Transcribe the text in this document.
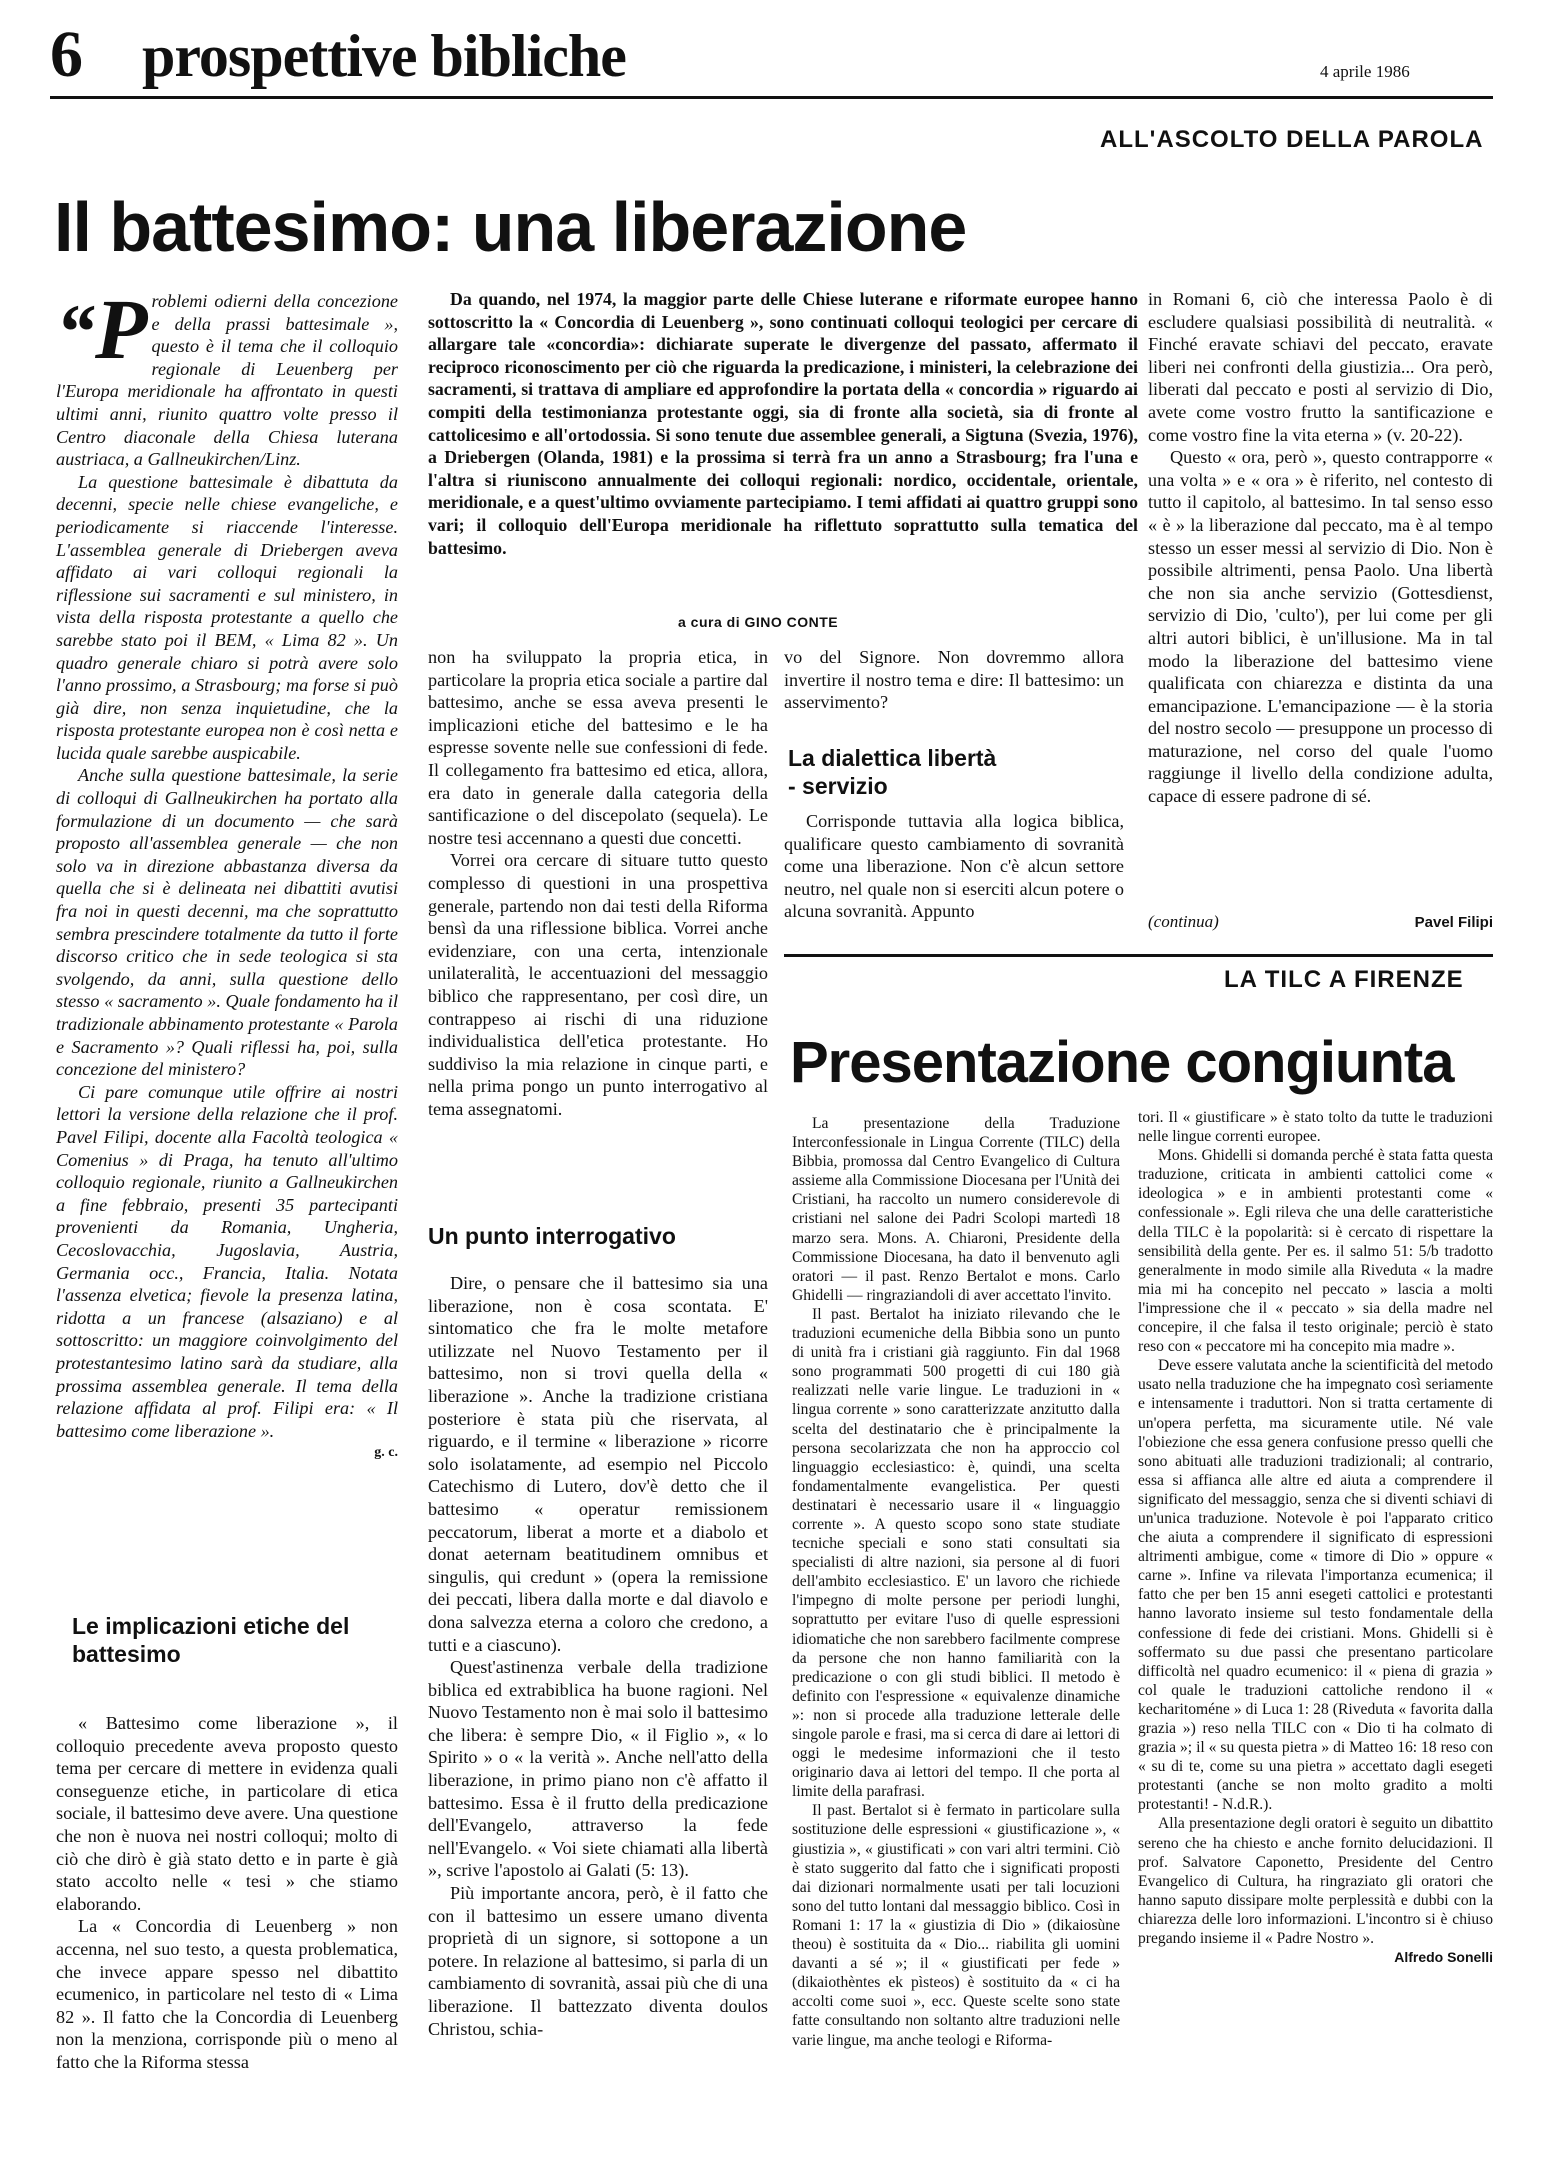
6 prospettive bibliche	4 aprile 1986
ALL'ASCOLTO DELLA PAROLA
Il battesimo: una liberazione
“P roblemi odierni della concezione e della prassi battesimale », questo è il tema che il colloquio regionale di Leuenberg per l'Europa meridionale ha affrontato in questi ultimi anni, riunito quattro volte presso il Centro diaconale della Chiesa luterana austriaca, a Gallneukirchen/Linz.

La questione battesimale è dibattuta da decenni, specie nelle chiese evangeliche, e periodicamente si riaccende l'interesse. L'assemblea generale di Driebergen aveva affidato ai vari colloqui regionali la riflessione sui sacramenti e sul ministero, in vista della risposta protestante a quello che sarebbe stato poi il BEM, « Lima 82 ». Un quadro generale chiaro si potrà avere solo l'anno prossimo, a Strasbourg; ma forse si può già dire, non senza inquietudine, che la risposta protestante europea non è così netta e lucida quale sarebbe auspicabile.

Anche sulla questione battesimale, la serie di colloqui di Gallneukirchen ha portato alla formulazione di un documento — che sarà proposto all'assemblea generale — che non solo va in direzione abbastanza diversa da quella che si è delineata nei dibattiti avutisi fra noi in questi decenni, ma che soprattutto sembra prescindere totalmente da tutto il forte discorso critico che in sede teologica si sta svolgendo, da anni, sulla questione dello stesso « sacramento ». Quale fondamento ha il tradizionale abbinamento protestante « Parola e Sacramento »? Quali riflessi ha, poi, sulla concezione del ministero?

Ci pare comunque utile offrire ai nostri lettori la versione della relazione che il prof. Pavel Filipi, docente alla Facoltà teologica « Comenius » di Praga, ha tenuto all'ultimo colloquio regionale, riunito a Gallneukirchen a fine febbraio, presenti 35 partecipanti provenienti da Romania, Ungheria, Cecoslovacchia, Jugoslavia, Austria, Germania occ., Francia, Italia. Notata l'assenza elvetica; fievole la presenza latina, ridotta a un francese (alsaziano) e al sottoscritto: un maggiore coinvolgimento del protestantesimo latino sarà da studiare, alla prossima assemblea generale. Il tema della relazione affidata al prof. Filipi era: « Il battesimo come liberazione ».

g. c.

Da quando, nel 1974, la maggior parte delle Chiese luterane e riformate europee hanno sottoscritto la « Concordia di Leuenberg », sono continuati colloqui teologici per cercare di allargare tale «concordia»: dichiarate superate le divergenze del passato, affermato il reciproco riconoscimento per ciò che riguarda la predicazione, i ministeri, la celebrazione dei sacramenti, si trattava di ampliare ed approfondire la portata della « concordia » riguardo ai compiti della testimonianza protestante oggi, sia di fronte alla società, sia di fronte al cattolicesimo e all'ortodossia. Si sono tenute due assemblee generali, a Sigtuna (Svezia, 1976), a Driebergen (Olanda, 1981) e la prossima si terrà fra un anno a Strasbourg; fra l'una e l'altra si riuniscono annualmente dei colloqui regionali: nordico, occidentale, orientale, meridionale, e a quest'ultimo ovviamente partecipiamo. I temi affidati ai quattro gruppi sono vari; il colloquio dell'Europa meridionale ha riflettuto soprattutto sulla tematica del battesimo.

a cura di GINO CONTE
Le implicazioni etiche del battesimo

« Battesimo come liberazione », il colloquio precedente aveva proposto questo tema per cercare di mettere in evidenza quali conseguenze etiche, in particolare di etica sociale, il battesimo deve avere. Una questione che non è nuova nei nostri colloqui; molto di ciò che dirò è già stato detto e in parte è già stato accolto nelle « tesi » che stiamo elaborando.

La « Concordia di Leuenberg » non accenna, nel suo testo, a questa problematica, che invece appare spesso nel dibattito ecumenico, in particolare nel testo di « Lima 82 ». Il fatto che la Concordia di Leuenberg non la menziona, corrisponde più o meno al fatto che la Riforma stessa

non ha sviluppato la propria etica, in particolare la propria etica sociale a partire dal battesimo, anche se essa aveva presenti le implicazioni etiche del battesimo e le ha espresse sovente nelle sue confessioni di fede. Il collegamento fra battesimo ed etica, allora, era dato in generale dalla categoria della santificazione o del discepolato (sequela). Le nostre tesi accennano a questi due concetti.

Vorrei ora cercare di situare tutto questo complesso di questioni in una prospettiva generale, partendo non dai testi della Riforma bensì da una riflessione biblica. Vorrei anche evidenziare, con una certa, intenzionale unilateralità, le accentuazioni del messaggio biblico che rappresentano, per così dire, un contrappeso ai rischi di una riduzione individualistica dell'etica protestante. Ho suddiviso la mia relazione in cinque parti, e nella prima pongo un punto interrogativo al tema assegnatomi.

Un punto interrogativo

Dire, o pensare che il battesimo sia una liberazione, non è cosa scontata. E' sintomatico che fra le molte metafore utilizzate nel Nuovo Testamento per il battesimo, non si trovi quella della « liberazione ». Anche la tradizione cristiana posteriore è stata più che riservata, al riguardo, e il termine « liberazione » ricorre solo isolatamente, ad esempio nel Piccolo Catechismo di Lutero, dov'è detto che il battesimo « operatur remissionem peccatorum, liberat a morte et a diabolo et donat aeternam beatitudinem omnibus et singulis, qui credunt » (opera la remissione dei peccati, libera dalla morte e dal diavolo e dona salvezza eterna a coloro che credono, a tutti e a ciascuno).

Quest'astinenza verbale della tradizione biblica ed extrabiblica ha buone ragioni. Nel Nuovo Testamento non è mai solo il battesimo che libera: è sempre Dio, « il Figlio », « lo Spirito » o « la verità ». Anche nell'atto della liberazione, in primo piano non c'è affatto il battesimo. Essa è il frutto della predicazione dell'Evangelo, attraverso la fede nell'Evangelo. « Voi siete chiamati alla libertà », scrive l'apostolo ai Galati (5: 13).

Più importante ancora, però, è il fatto che con il battesimo un essere umano diventa proprietà di un signore, si sottopone a un potere. In relazione al battesimo, si parla di un cambiamento di sovranità, assai più che di una liberazione. Il battezzato diventa doulos Christou, schia-

vo del Signore. Non dovremmo allora invertire il nostro tema e dire: Il battesimo: un asservimento?

La dialettica libertà - servizio

Corrisponde tuttavia alla logica biblica, qualificare questo cambiamento di sovranità come una liberazione. Non c'è alcun settore neutro, nel quale non si eserciti alcun potere o alcuna sovranità. Appunto

in Romani 6, ciò che interessa Paolo è di escludere qualsiasi possibilità di neutralità. « Finché eravate schiavi del peccato, eravate liberi nei confronti della giustizia... Ora però, liberati dal peccato e posti al servizio di Dio, avete come vostro frutto la santificazione e come vostro fine la vita eterna » (v. 20-22).

Questo « ora, però », questo contrapporre « una volta » e « ora » è riferito, nel contesto di tutto il capitolo, al battesimo. In tal senso esso « è » la liberazione dal peccato, ma è al tempo stesso un esser messi al servizio di Dio. Non è possibile altrimenti, pensa Paolo. Una libertà che non sia anche servizio (Gottesdienst, servizio di Dio, 'culto'), per lui come per gli altri autori biblici, è un'illusione. Ma in tal modo la liberazione del battesimo viene qualificata con chiarezza e distinta da una emancipazione. L'emancipazione — è la storia del nostro secolo — presuppone un processo di maturazione, nel corso del quale l'uomo raggiunge il livello della condizione adulta, capace di essere padrone di sé.

(continua)	Pavel Filipi
LA TILC A FIRENZE
Presentazione congiunta

La presentazione della Traduzione Interconfessionale in Lingua Corrente (TILC) della Bibbia, promossa dal Centro Evangelico di Cultura assieme alla Commissione Diocesana per l'Unità dei Cristiani, ha raccolto un numero considerevole di cristiani nel salone dei Padri Scolopi martedì 18 marzo sera. Mons. A. Chiaroni, Presidente della Commissione Diocesana, ha dato il benvenuto agli oratori — il past. Renzo Bertalot e mons. Carlo Ghidelli — ringraziandoli di aver accettato l'invito.

Il past. Bertalot ha iniziato rilevando che le traduzioni ecumeniche della Bibbia sono un punto di unità fra i cristiani già raggiunto. Fin dal 1968 sono programmati 500 progetti di cui 180 già realizzati nelle varie lingue. Le traduzioni in « lingua corrente » sono caratterizzate anzitutto dalla scelta del destinatario che è principalmente la persona secolarizzata che non ha approccio col linguaggio ecclesiastico: è, quindi, una scelta fondamentalmente evangelistica. Per questi destinatari è necessario usare il « linguaggio corrente ». A questo scopo sono state studiate tecniche speciali e sono stati consultati sia specialisti di altre nazioni, sia persone al di fuori dell'ambito ecclesiastico. E' un lavoro che richiede l'impegno di molte persone per periodi lunghi, soprattutto per evitare l'uso di quelle espressioni idiomatiche che non sarebbero facilmente comprese da persone che non hanno familiarità con la predicazione o con gli studi biblici. Il metodo è definito con l'espressione « equivalenze dinamiche »: non si procede alla traduzione letterale delle singole parole e frasi, ma si cerca di dare ai lettori di oggi le medesime informazioni che il testo originario dava ai lettori del tempo. Il che porta al limite della parafrasi.

Il past. Bertalot si è fermato in particolare sulla sostituzione delle espressioni « giustificazione », « giustizia », « giustificati » con vari altri termini. Ciò è stato suggerito dal fatto che i significati proposti dai dizionari normalmente usati per tali locuzioni sono del tutto lontani dal messaggio biblico. Così in Romani 1: 17 la « giustizia di Dio » (dikaiosùne theou) è sostituita da « Dio... riabilita gli uomini davanti a sé »; il « giustificati per fede » (dikaiothèntes ek pìsteos) è sostituito da « ci ha accolti come suoi », ecc. Queste scelte sono state fatte consultando non soltanto altre traduzioni nelle varie lingue, ma anche teologi e Riforma-

tori. Il « giustificare » è stato tolto da tutte le traduzioni nelle lingue correnti europee.

Mons. Ghidelli si domanda perché è stata fatta questa traduzione, criticata in ambienti cattolici come « ideologica » e in ambienti protestanti come « confessionale ». Egli rileva che una delle caratteristiche della TILC è la popolarità: si è cercato di rispettare la sensibilità della gente. Per es. il salmo 51: 5/b tradotto generalmente in modo simile alla Riveduta « la madre mia mi ha concepito nel peccato » lascia a molti l'impressione che il « peccato » sia della madre nel concepire, il che falsa il testo originale; perciò è stato reso con « peccatore mi ha concepito mia madre ».

Deve essere valutata anche la scientificità del metodo usato nella traduzione che ha impegnato così seriamente e intensamente i traduttori. Non si tratta certamente di un'opera perfetta, ma sicuramente utile. Né vale l'obiezione che essa genera confusione presso quelli che sono abituati alle traduzioni tradizionali; al contrario, essa si affianca alle altre ed aiuta a comprendere il significato del messaggio, senza che si diventi schiavi di un'unica traduzione. Notevole è poi l'apparato critico che aiuta a comprendere il significato di espressioni altrimenti ambigue, come « timore di Dio » oppure « carne ». Infine va rilevata l'importanza ecumenica; il fatto che per ben 15 anni esegeti cattolici e protestanti hanno lavorato insieme sul testo fondamentale della confessione di fede dei cristiani. Mons. Ghidelli si è soffermato su due passi che presentano particolare difficoltà nel quadro ecumenico: il « piena di grazia » col quale le traduzioni cattoliche rendono il « kecharitoméne » di Luca 1: 28 (Riveduta « favorita dalla grazia ») reso nella TILC con « Dio ti ha colmato di grazia »; il « su questa pietra » di Matteo 16: 18 reso con « su di te, come su una pietra » accettato dagli esegeti protestanti (anche se non molto gradito a molti protestanti! - N.d.R.).

Alla presentazione degli oratori è seguito un dibattito sereno che ha chiesto e anche fornito delucidazioni. Il prof. Salvatore Caponetto, Presidente del Centro Evangelico di Cultura, ha ringraziato gli oratori che hanno saputo dissipare molte perplessità e dubbi con la chiarezza delle loro informazioni. L'incontro si è chiuso pregando insieme il « Padre Nostro ».

Alfredo Sonelli
